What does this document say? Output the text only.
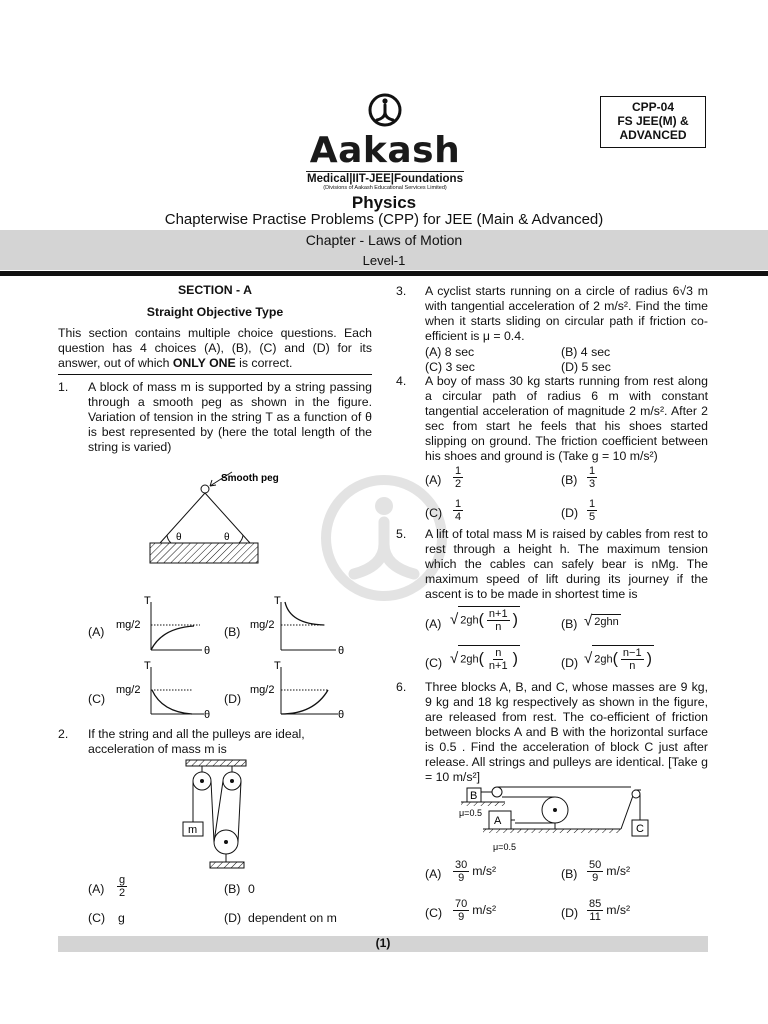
CPP-04
FS JEE(M) &
ADVANCED
Aakash
Medical|IIT-JEE|Foundations
(Divisions of Aakash Educational Services Limited)
Physics
Chapterwise Practise Problems (CPP) for JEE (Main & Advanced)
Chapter - Laws of Motion
Level-1
SECTION - A
Straight Objective Type
This section contains multiple choice questions. Each question has 4 choices (A), (B), (C) and (D) for its answer, out of which ONLY ONE is correct.
1. A block of mass m is supported by a string passing through a smooth peg as shown in the figure. Variation of tension in the string T as a function of θ is best represented by (here the total length of the string is varied)
θ	θ
Smooth peg
(A)
T
θ
mg/2	(B)
T
θ
mg/2
(C)
T
θ
mg/2
(D)
T
θ
mg/2
2. If the string and all the pulleys are ideal, acceleration of mass m is
m
$(A) \frac{g}{2}$	(B) 0
(C) g	(D) dependent on m
3. A cyclist starts running on a circle of radius 6√3 m with tangential acceleration of 2 m/s². Find the time when it starts sliding on circular path if friction co-efficient is μ = 0.4.
(A) 8 sec	(B) 4 sec
(C) 3 sec	(D) 5 sec
4. A boy of mass 30 kg starts running from rest along a circular path of radius 6 m with constant tangential acceleration of magnitude 2 m/s². After 2 sec from start he feels that his shoes started slipping on ground. The friction coefficient between his shoes and ground is (Take g = 10 m/s²)
$(A) \frac{1}{2}$	$(B) \frac{1}{3}$
$(C) \frac{1}{4}$	$(D) \frac{1}{5}$
5. A lift of total mass M is raised by cables from rest to rest through a height h. The maximum tension which the cables can safely bear is nMg. The maximum speed of lift during its journey if the ascent is to be made in shortest time is
(A) √ $2gh( \frac{n+1}{n}$ )	(B) √ 2ghn
(C) √ $2gh( \frac{n}{n+1}$ )	(D) √ $2gh( \frac{n-1}{n}$ )
6. Three blocks A, B, and C, whose masses are 9 kg, 9 kg and 18 kg respectively as shown in the figure, are released from rest. The co-efficient of friction between blocks A and B with the horizontal surface is 0.5 . Find the acceleration of block C just after release. All strings and pulleys are identical. [Take g = 10 m/s²]
B
A
C
μ=0.5
μ=0.5
$(A) \frac{30}{9} m/s^2$	$(B) \frac{50}{9} m/s^2$
$(C) \frac{70}{9} m/s^2$	$(D) \frac{85}{11} m/s^2$
(1)
